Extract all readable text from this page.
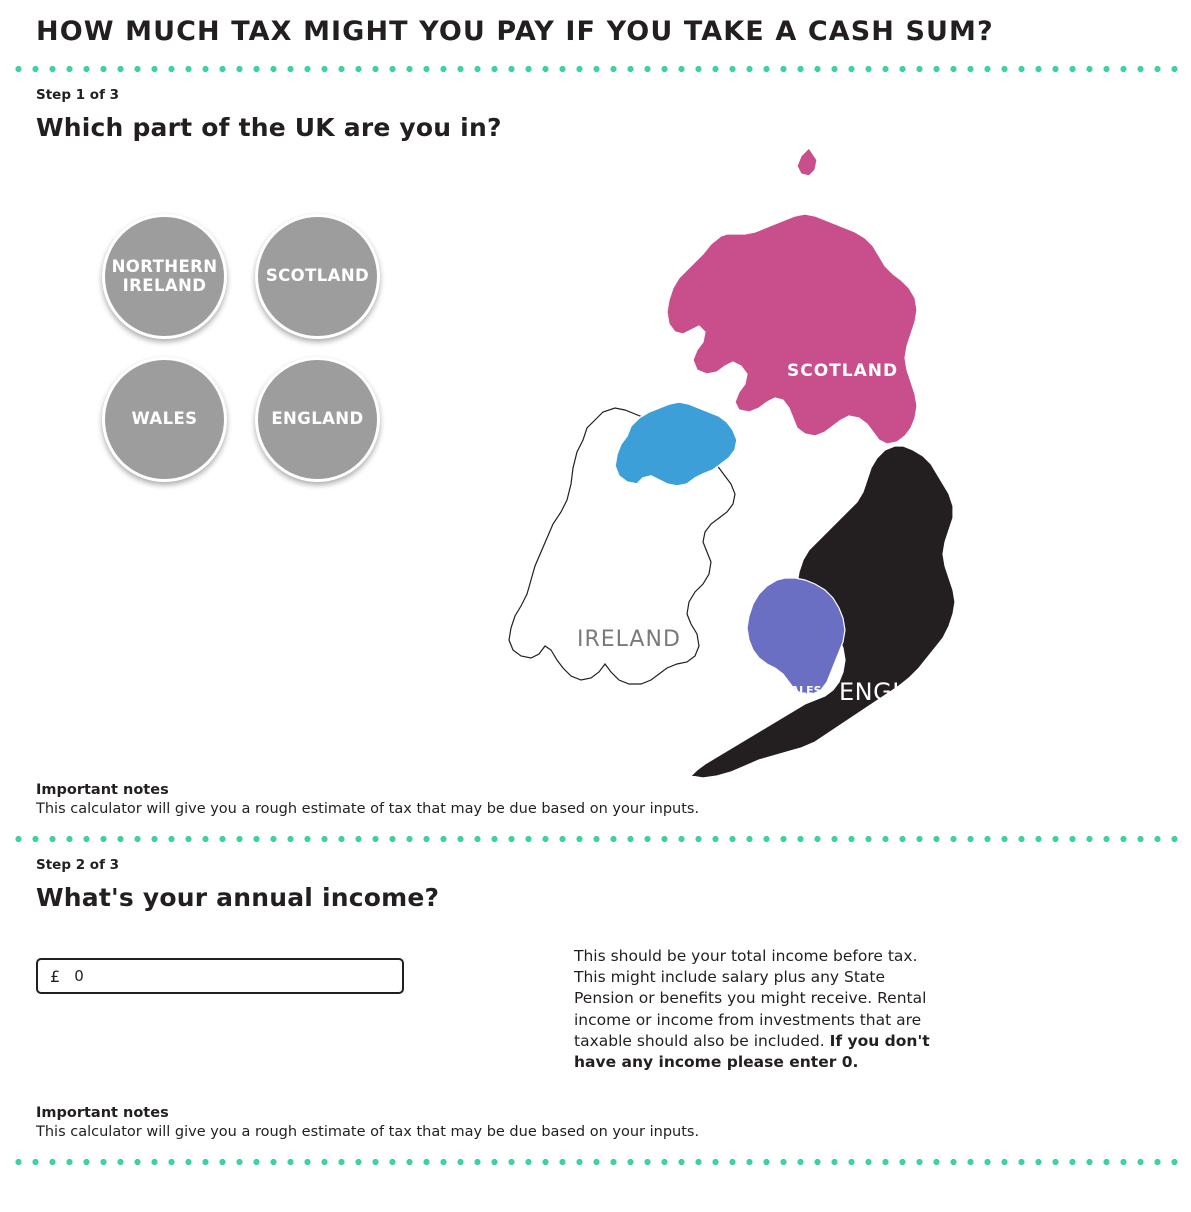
HOW MUCH TAX MIGHT YOU PAY IF YOU TAKE A CASH SUM?

Step 1 of 3

Which part of the UK are you in?
NORTHERN IRELAND	SCOTLAND
WALES	ENGLAND
SCOTLAND
NORTHERN
IRELAND
IRELAND
WALES ENGLAND

Important notes

This calculator will give you a rough estimate of tax that may be due based on your inputs.

Step 2 of 3

What's your annual income?
£
0
This should be your total income before tax. This might include salary plus any State Pension or benefits you might receive. Rental income or income from investments that are taxable should also be included. If you don't have any income please enter 0.

Important notes

This calculator will give you a rough estimate of tax that may be due based on your inputs.
